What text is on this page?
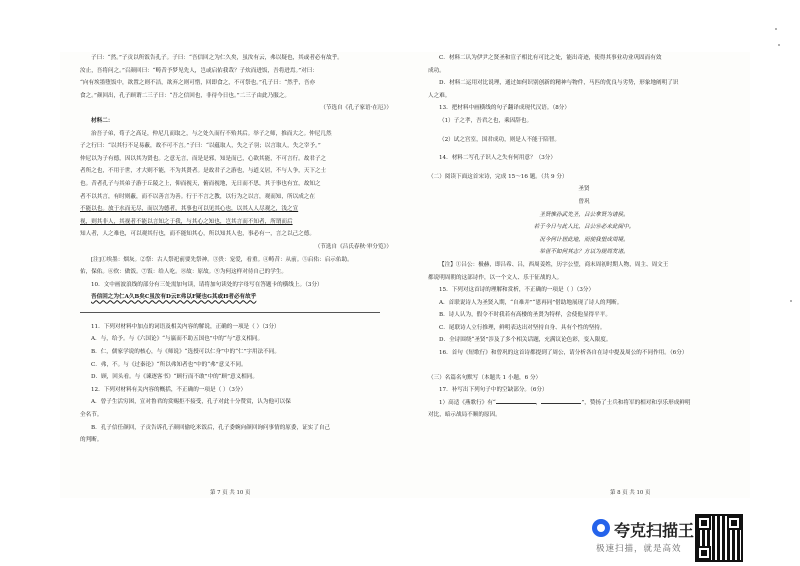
子曰：“然。”子贡以所饭告孔子。子曰：“吾信回之为仁久矣，虽汝有云，弗以疑也，其或者必有故乎。

汝止，吾将问之。”召颜回曰：“畴昔予梦见先人，岂或启佑我哉？子炊而进饭，吾将进焉。”对曰：

“向有埃墨堕饭中，欲置之则不洁，欲弃之则可惜，回即食之，不可祭也。”孔子曰：“然乎，吾亦

食之。”颜回出，孔子顾谓二三子曰：“吾之信回也，非待今日也。”二三子由此乃服之。

（节选自《孔子家语·在厄》）

材料二：

治吾子弟，荀子之高足，仲尼几而取之，与之处久而行不殆其后。举子之师，推而大之。仲尼几然

子之行曰：“以其行不足易蔽，故不可不言。”子曰：“以蕴取人，失之子羽；以言取人，失之宰予。”

仲尼以为子有德，因以其为贤也。之意无言，而是是邪，知是而已，心欲其能，不可言行。故君子之

者所之也，不用于世，才大则不能，不为其贤者。是故君子之游也，与道义居，不与人争，天下之士

也。昔者孔子与其弟子游于丘陵之上，仰而视天，俯而视地，无日而不思，其于事也有宜，故知之

者不以其言，有时则蔽，而不以善言为善。行于不言之教，以行为之以言，观而知，所以成之在

不能以也。放于水而无尽，而以为德者，其事也可以见其心也，以其人人尽观之，浅之宣

视，则其非人，其视者不能以言知之于我，与其心之知也，岂其言而不知者，所谓而后

知人者，人之难也，可以观其行也，而不能知其心，所以知其人也，事必有一，言之以己之德。

（节选自《吕氏春秋·审分览》）

[注]①埃墨：烟灰。②祭：古人祭祀前要先祭神。③贵：宠爱，看重。④畴昔：从前。⑤启佑：启示佑助。

佑，保佑。⑥炊：做饭。⑦饭：给人吃。⑧故：原故。⑨为何这样对待自己的学生。

10．文中画波浪线的部分有三处需加句读，请将加句读处的字母写在答题卡的横线上。（3分）

吾信回之为仁A久B矣C虽汝有D云E弗以F疑也G其或H者必有故乎

11．下列对材料中加点的词语及相关内容的解说，正确的一项是（ ）（3分）

A．与，给予。与《六国论》“与嬴而不助五国也”中的“与”意义相同。

B．仁，儒家学说的核心，与《师说》“选授可以仁身”中的“仁”字用法不同。

C．弗，不。与《过秦论》“所以弗知者也”中的“弗”意义不同。

D．顾，回头看。与《谏逐客书》“顾行而不敢”中的“顾”意义相同。

12．下列对材料有关内容的概括，不正确的一项是（ ）（3分）

A．曾子生活穷困，宣对鲁君的赏赐拒不接受，孔子对此十分赞赏，认为他可以保

全名节。

B．孔子信任颜回，子贡告诉孔子颜回偷吃米饭后，孔子委婉向颜回询问事情的原委，证实了自己

的判断。

C．材料二认为伊尹之贤圣和宣子相比有可比之处，能出奇迹，使得其事业功业巩固而有效

成功。

D．材料二运用对比说理，通过如何识别创新的精神与物件，马匹的优良与劣势，形象地阐明了识

人之难。

13．把材料中画横线的句子翻译成现代汉语。（8分）

（1）子之孝，吾君之也，乘因辞也。

（2）试之宫室，国君成功，则是人不能于陪智。

14．材料二写孔子识人之失有何用意？（3分）

（二）阅读下面这首宋诗，完成 15～16 题。（共 9 分）

圣贤

曾巩

圣贤惟孙武先圣，吕公拿贤为诸侯。

若于今日与此人比，吕公⑩必未此阅中。

况今何计居此地，而使我望成周境。

举世不如何其志？方以为规周发诸。

【注】①吕公：极赫，即吕希、吕，西周姜姓，历字公望，商末周初时期人物，周主、周文王

都说明周朝的这部诗作，以一个文人、乐于征战的人。

15．下列对这首诗的理解和赏析，不正确的一项是（ ）（3分）

A．首联说诗人为圣贤入期，“自难并”“恩再同”借助地展现了诗人的判断。

B．诗人认为，假令不时我若有高楼的圣贤为特样，会使他显得平平。

C．尾联诗人立行推理，鲜明表达出对坚持自身、具有个性的坚持。

D．全诗围绕“圣贤”涉及了多个相关话题，充满议论色彩，变入限度。

16．首句《短歌行》和曾巩的这首诗都提到了周公，请分析各自在诗中提及周公的不同作用。（6分）

（三）名篇名句默写（本题共 1 小题，6 分）

17．补写出下列句子中的空缺部分。（6分）

1）高适《燕歌行》有“	，	”，赞扬了士兵和将军的相对和享乐形成鲜明

对比，暗示战局不顺的原因。

第 7 页 共 10 页	第 8 页 共 10 页
夸克扫描王
极速扫描，就是高效
